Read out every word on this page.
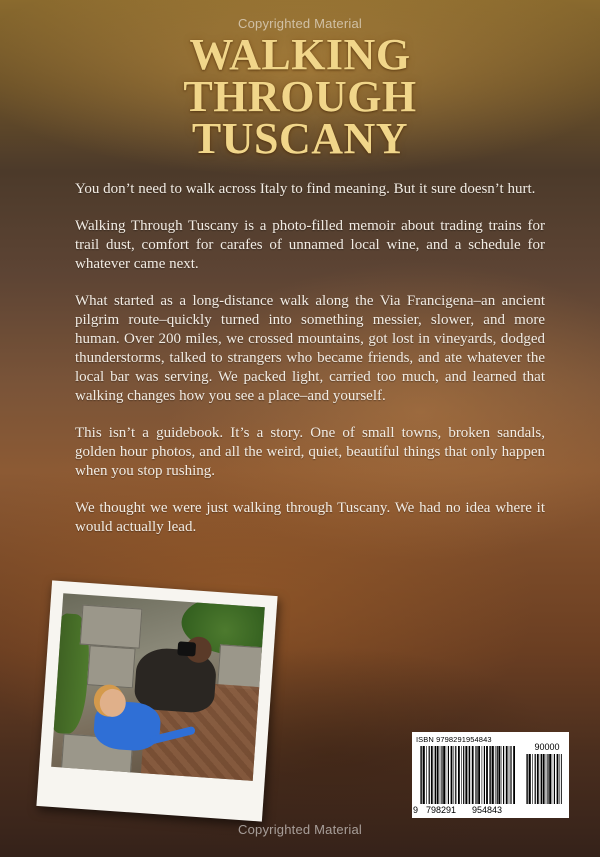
Copyrighted Material
WALKING
THROUGH
TUSCANY

You don’t need to walk across Italy to find meaning. But it sure doesn’t hurt.

Walking Through Tuscany is a photo-filled memoir about trading trains for trail dust, comfort for carafes of unnamed local wine, and a schedule for whatever came next.

What started as a long-distance walk along the Via Francigena–an ancient pilgrim route–quickly turned into something messier, slower, and more human. Over 200 miles, we crossed mountains, got lost in vineyards, dodged thunderstorms, talked to strangers who became friends, and ate whatever the local bar was serving. We packed light, carried too much, and learned that walking changes how you see a place–and yourself.

This isn’t a guidebook. It’s a story. One of small towns, broken sandals, golden hour photos, and all the weird, quiet, beautiful things that only happen when you stop rushing.

We thought we were just walking through Tuscany. We had no idea where it would actually lead.

ISBN 9798291954843
90000
9 798291 954843
Copyrighted Material
